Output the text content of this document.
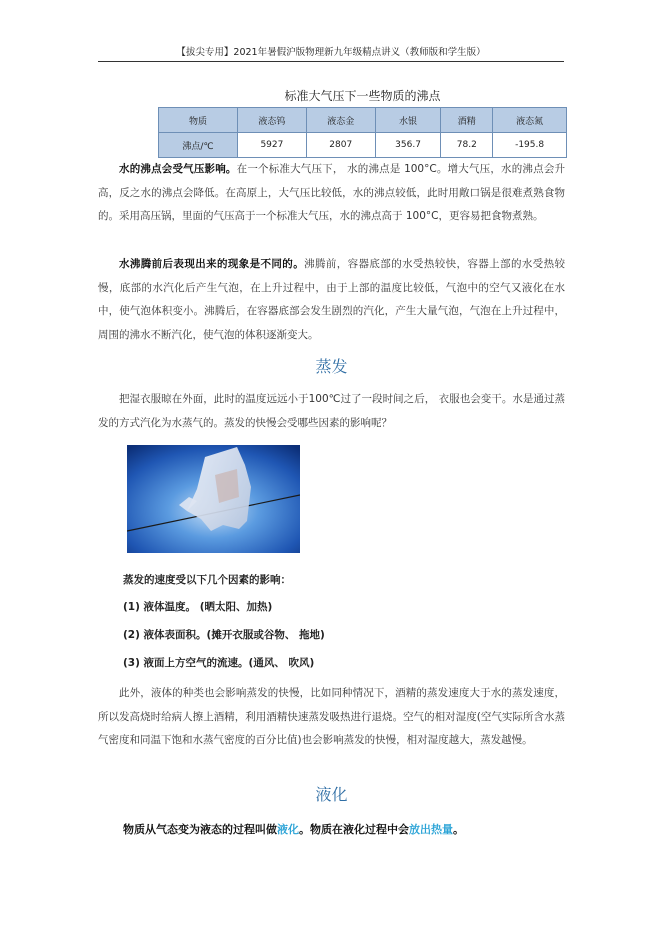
【拔尖专用】2021年暑假沪版物理新九年级精点讲义（教师版和学生版）
标准大气压下一些物质的沸点
物质	液态钨	液态金	水银	酒精	液态氮
沸点/℃	5927	2807	356.7	78.2	-195.8

水的沸点会受气压影响。在一个标准大气压下， 水的沸点是 100°C。增大气压，水的沸点会升高，反之水的沸点会降低。在高原上，大气压比较低，水的沸点较低，此时用敞口锅是很难煮熟食物的。采用高压锅，里面的气压高于一个标准大气压，水的沸点高于 100°C，更容易把食物煮熟。

水沸腾前后表现出来的现象是不同的。沸腾前，容器底部的水受热较快，容器上部的水受热较慢，底部的水汽化后产生气泡，在上升过程中，由于上部的温度比较低，气泡中的空气又液化在水中，使气泡体积变小。沸腾后，在容器底部会发生剧烈的汽化，产生大量气泡，气泡在上升过程中，周围的沸水不断汽化，使气泡的体积逐渐变大。

蒸发

把湿衣服晾在外面，此时的温度远远小于100℃过了一段时间之后， 衣服也会变干。水是通过蒸发的方式汽化为水蒸气的。蒸发的快慢会受哪些因素的影响呢？

蒸发的速度受以下几个因素的影响：
(1) 液体温度。 (晒太阳、加热)
(2) 液体表面积。(摊开衣服或谷物、 拖地)
(3) 液面上方空气的流速。(通风、 吹风)

此外，液体的种类也会影响蒸发的快慢，比如同种情况下，酒精的蒸发速度大于水的蒸发速度，所以发高烧时给病人擦上酒精，利用酒精快速蒸发吸热进行退烧。空气的相对湿度(空气实际所含水蒸气密度和同温下饱和水蒸气密度的百分比值)也会影响蒸发的快慢，相对湿度越大，蒸发越慢。

液化
物质从气态变为液态的过程叫做液化。物质在液化过程中会放出热量。
